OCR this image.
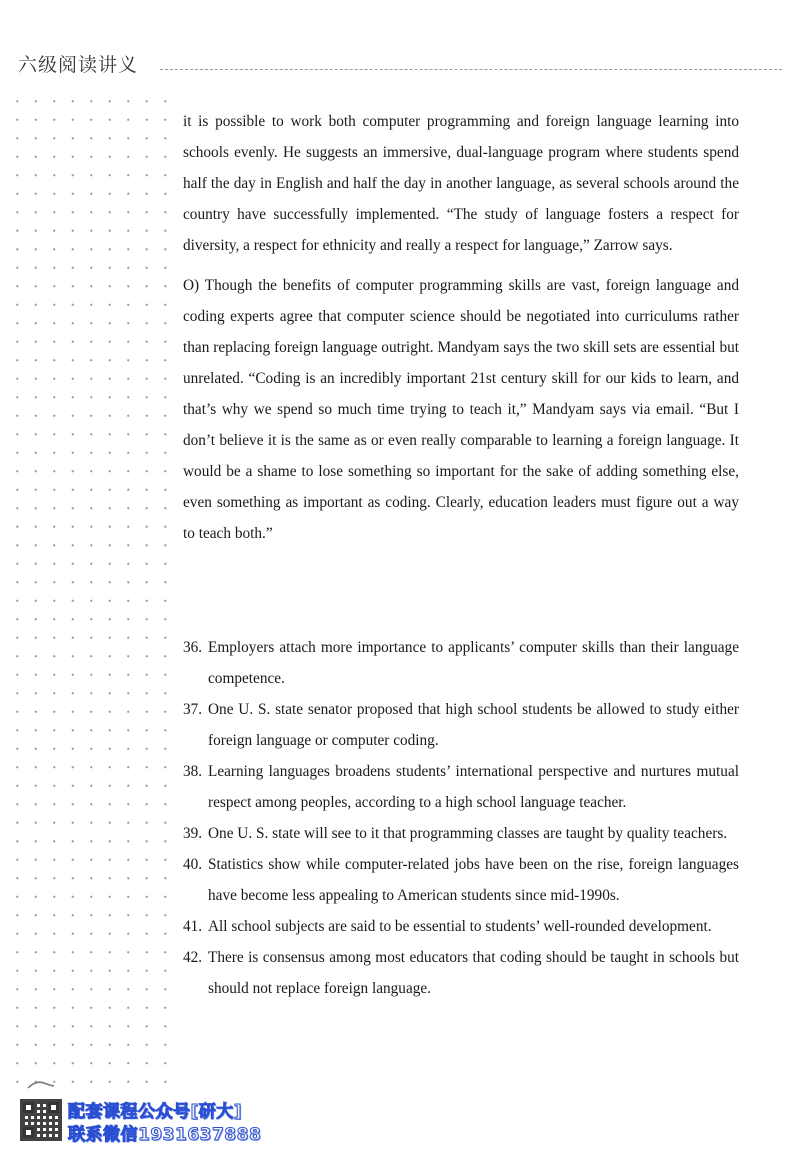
六级阅读讲义

it is possible to work both computer programming and foreign language learning into schools evenly. He suggests an immersive, dual-language program where students spend half the day in English and half the day in another language, as several schools around the country have successfully implemented. “The study of language fosters a respect for diversity, a respect for ethnicity and really a respect for language,” Zarrow says.

O) Though the benefits of computer programming skills are vast, foreign language and coding experts agree that computer science should be negotiated into curriculums rather than replacing foreign language outright. Mandyam says the two skill sets are essential but unrelated. “Coding is an incredibly important 21st century skill for our kids to learn, and that’s why we spend so much time trying to teach it,” Mandyam says via email. “But I don’t believe it is the same as or even really comparable to learning a foreign language. It would be a shame to lose something so important for the sake of adding something else, even something as important as coding. Clearly, education leaders must figure out a way to teach both.”

36. Employers attach more importance to applicants’ computer skills than their language competence.
37. One U. S. state senator proposed that high school students be allowed to study either foreign language or computer coding.
38. Learning languages broadens students’ international perspective and nurtures mutual respect among peoples, according to a high school language teacher.
39. One U. S. state will see to it that programming classes are taught by quality teachers.
40. Statistics show while computer-related jobs have been on the rise, foreign languages have become less appealing to American students since mid-1990s.
41. All school subjects are said to be essential to students’ well-rounded development.
42. There is consensus among most educators that coding should be taught in schools but should not replace foreign language.
配套课程公众号[研大]
联系微信1931637888
